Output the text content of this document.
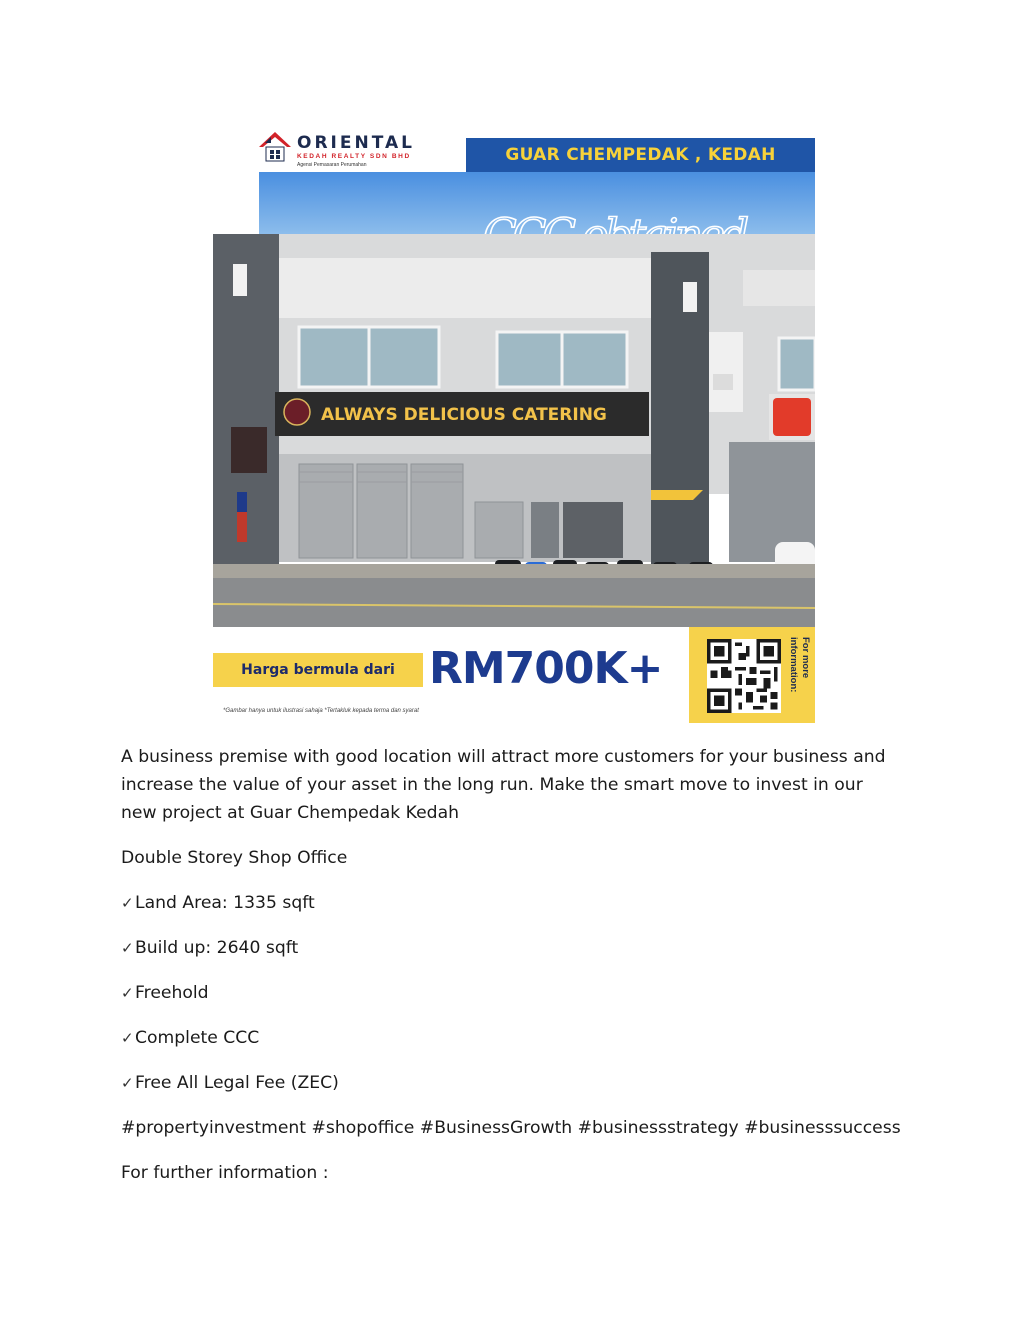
ORIENTAL
KEDAH REALTY SDN BHD
Agensi Pemasaran Perumahan	GUAR CHEMPEDAK , KEDAH
ALWAYS DELICIOUS CATERING
Harga bermula dari RM700K+	For more information:
*Gambar hanya untuk ilustrasi sahaja *Tertakluk kepada terma dan syarat

A business premise with good location will attract more customers for your business and increase the value of your asset in the long run. Make the smart move to invest in our new project at Guar Chempedak Kedah

Double Storey Shop Office

✓Land Area: 1335 sqft

✓Build up: 2640 sqft

✓Freehold

✓Complete CCC

✓Free All Legal Fee (ZEC)

#propertyinvestment #shopoffice #BusinessGrowth #businessstrategy #businesssuccess

For further information :
